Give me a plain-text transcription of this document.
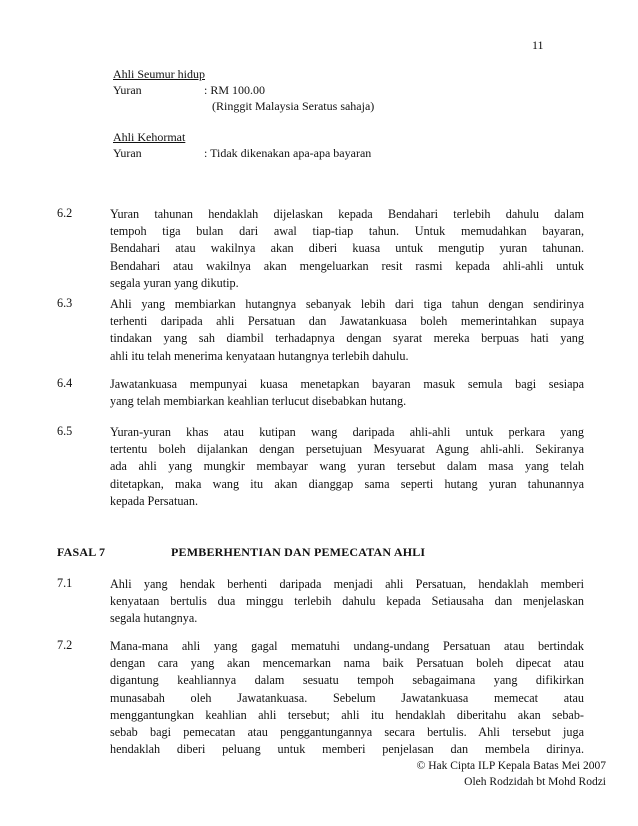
11
Ahli Seumur hidup
Yuran	: RM 100.00
(Ringgit Malaysia Seratus sahaja)
Ahli Kehormat
Yuran	: Tidak dikenakan apa-apa bayaran
6.2	Yuran tahunan hendaklah dijelaskan kepada Bendahari terlebih dahulu dalam
tempoh tiga bulan dari awal tiap-tiap tahun. Untuk memudahkan bayaran,
Bendahari atau wakilnya akan diberi kuasa untuk mengutip yuran tahunan.
Bendahari atau wakilnya akan mengeluarkan resit rasmi kepada ahli-ahli untuk
segala yuran yang dikutip.
6.3	Ahli yang membiarkan hutangnya sebanyak lebih dari tiga tahun dengan sendirinya
terhenti daripada ahli Persatuan dan Jawatankuasa boleh memerintahkan supaya
tindakan yang sah diambil terhadapnya dengan syarat mereka berpuas hati yang
ahli itu telah menerima kenyataan hutangnya terlebih dahulu.
6.4	Jawatankuasa mempunyai kuasa menetapkan bayaran masuk semula bagi sesiapa
yang telah membiarkan keahlian terlucut disebabkan hutang.
6.5	Yuran-yuran khas atau kutipan wang daripada ahli-ahli untuk perkara yang
tertentu boleh dijalankan dengan persetujuan Mesyuarat Agung ahli-ahli. Sekiranya
ada ahli yang mungkir membayar wang yuran tersebut dalam masa yang telah
ditetapkan, maka wang itu akan dianggap sama seperti hutang yuran tahunannya
kepada Persatuan.
FASAL 7	PEMBERHENTIAN DAN PEMECATAN AHLI
7.1	Ahli yang hendak berhenti daripada menjadi ahli Persatuan, hendaklah memberi
kenyataan bertulis dua minggu terlebih dahulu kepada Setiausaha dan menjelaskan
segala hutangnya.
7.2	Mana-mana ahli yang gagal mematuhi undang-undang Persatuan atau bertindak
dengan cara yang akan mencemarkan nama baik Persatuan boleh dipecat atau
digantung keahliannya dalam sesuatu tempoh sebagaimana yang difikirkan
munasabah oleh Jawatankuasa. Sebelum Jawatankuasa memecat atau
menggantungkan keahlian ahli tersebut; ahli itu hendaklah diberitahu akan sebab-
sebab bagi pemecatan atau penggantungannya secara bertulis. Ahli tersebut juga
hendaklah diberi peluang untuk memberi penjelasan dan membela dirinya.
© Hak Cipta ILP Kepala Batas Mei 2007
Oleh Rodzidah bt Mohd Rodzi
